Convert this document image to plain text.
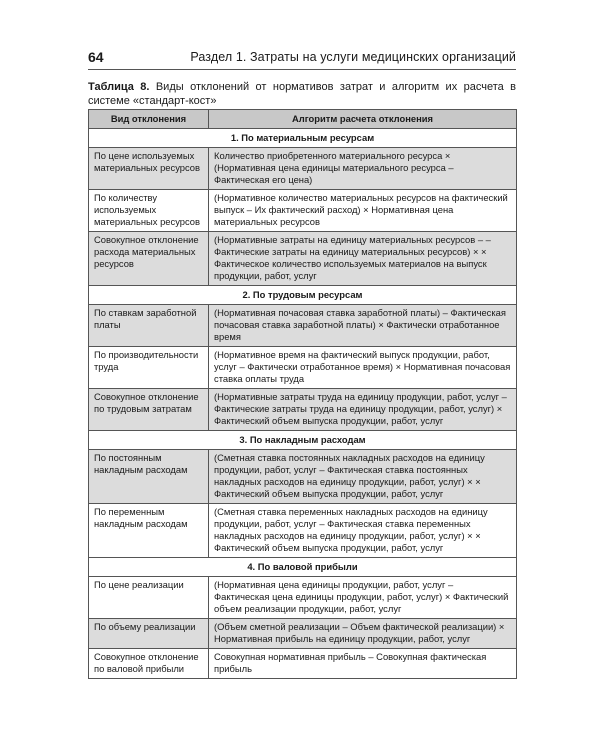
64	Раздел 1. Затраты на услуги медицинских организаций
Таблица 8. Виды отклонений от нормативов затрат и алгоритм их расчета в системе «стандарт-кост»
Вид отклонения	Алгоритм расчета отклонения
1. По материальным ресурсам	
По цене используемых материальных ресурсов	Количество приобретенного материального ресурса × (Нормативная цена единицы материального ресурса – Фактическая его цена)
По количеству используемых материальных ресурсов	(Нормативное количество материальных ресурсов на фактический выпуск – Их фактический расход) × Нормативная цена материальных ресурсов
Совокупное отклонение расхода материальных ресурсов	(Нормативные затраты на единицу материальных ресурсов – – Фактические затраты на единицу материальных ресурсов) × × Фактическое количество используемых материалов на выпуск продукции, работ, услуг
2. По трудовым ресурсам	
По ставкам заработной платы	(Нормативная почасовая ставка заработной платы) – Фактическая почасовая ставка заработной платы) × Фактически отработанное время
По производительности труда	(Нормативное время на фактический выпуск продукции, работ, услуг – Фактически отработанное время) × Нормативная почасовая ставка оплаты труда
Совокупное отклонение по трудовым затратам	(Нормативные затраты труда на единицу продукции, работ, услуг – Фактические затраты труда на единицу продукции, работ, услуг) × Фактический объем выпуска продукции, работ, услуг
3. По накладным расходам	
По постоянным накладным расходам	(Сметная ставка постоянных накладных расходов на единицу продукции, работ, услуг – Фактическая ставка постоянных накладных расходов на единицу продукции, работ, услуг) × × Фактический объем выпуска продукции, работ, услуг
По переменным накладным расходам	(Сметная ставка переменных накладных расходов на единицу продукции, работ, услуг – Фактическая ставка переменных накладных расходов на единицу продукции, работ, услуг) × × Фактический объем выпуска продукции, работ, услуг
4. По валовой прибыли	
По цене реализации	(Нормативная цена единицы продукции, работ, услуг – Фактическая цена единицы продукции, работ, услуг) × Фактический объем реализации продукции, работ, услуг
По объему реализации	(Объем сметной реализации – Объем фактической реализации) × Нормативная прибыль на единицу продукции, работ, услуг
Совокупное отклонение по валовой прибыли	Совокупная нормативная прибыль – Совокупная фактическая прибыль
